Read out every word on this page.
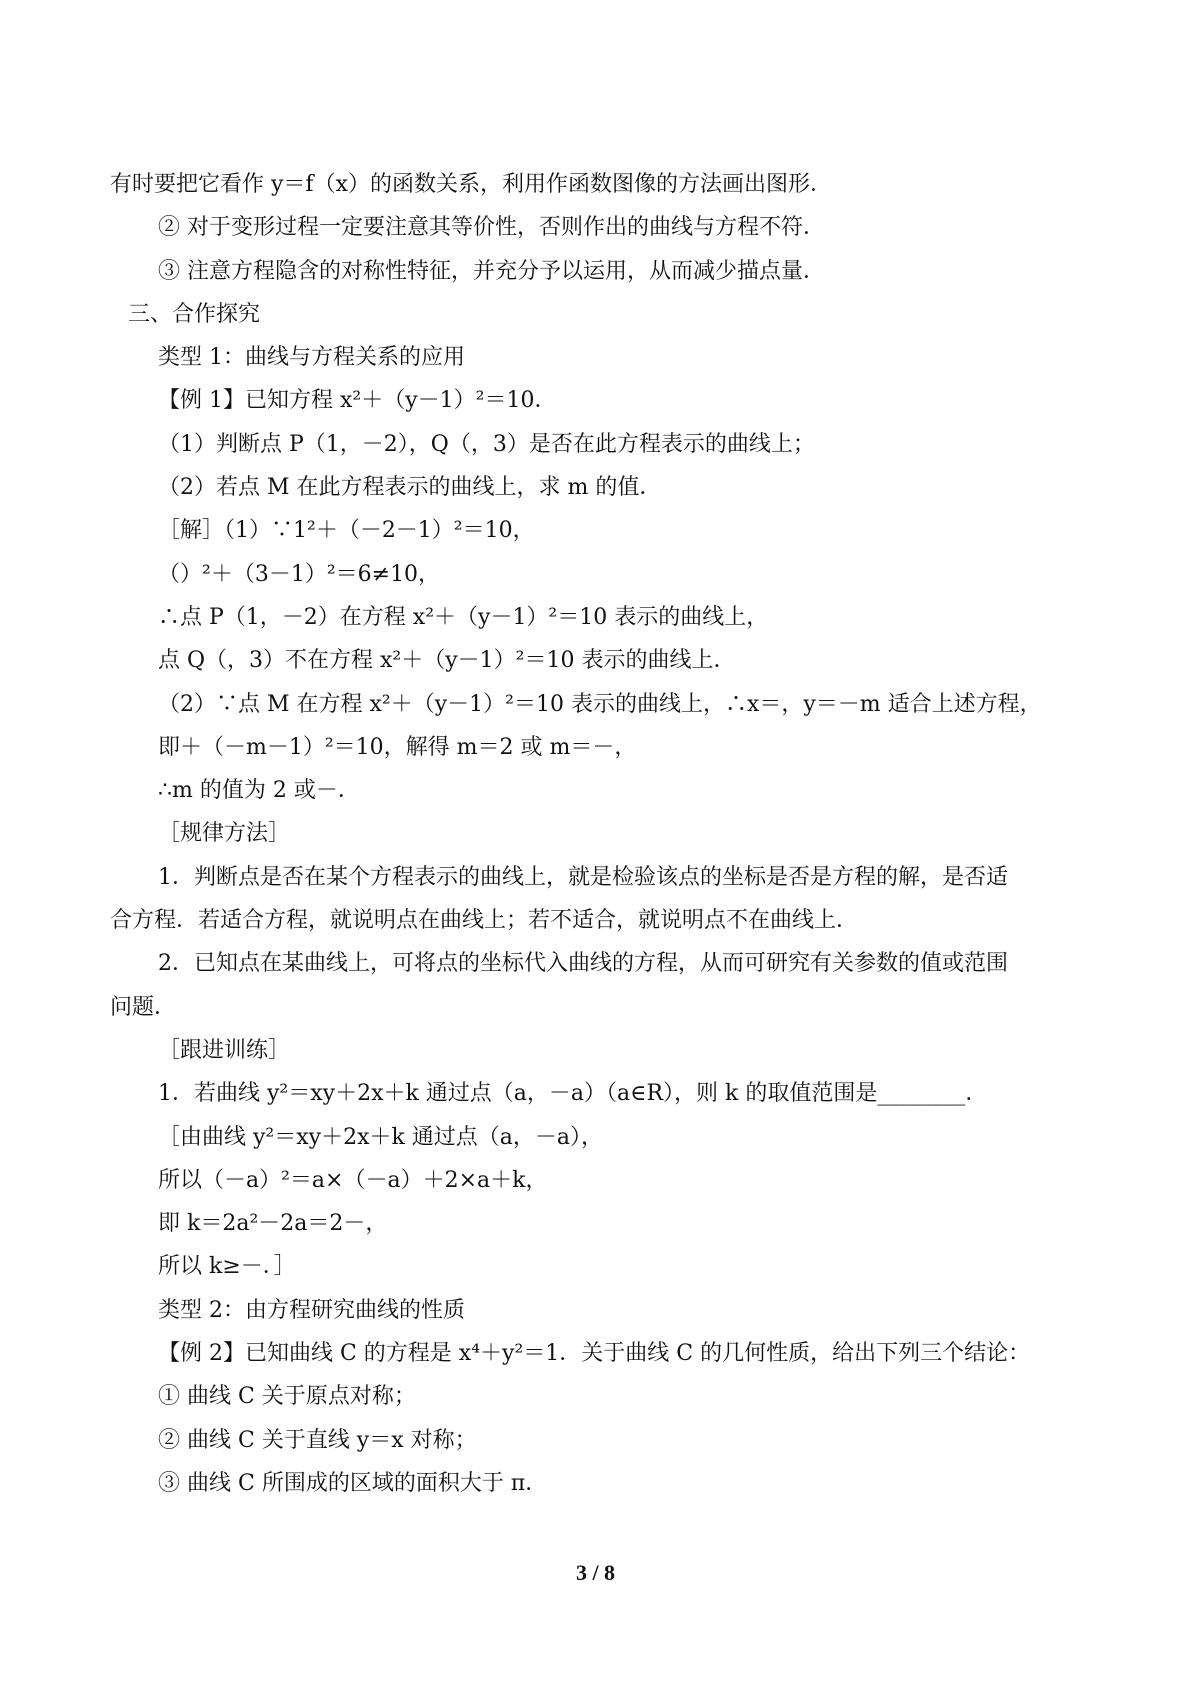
有时要把它看作 y＝f（x）的函数关系，利用作函数图像的方法画出图形．
② 对于变形过程一定要注意其等价性，否则作出的曲线与方程不符．
③ 注意方程隐含的对称性特征，并充分予以运用，从而减少描点量．
三、合作探究
类型 1：曲线与方程关系的应用
【例 1】已知方程 x²＋（y－1）²＝10．
（1）判断点 P（1，－2），Q（，3）是否在此方程表示的曲线上；
（2）若点 M 在此方程表示的曲线上，求 m 的值．
［解］（1）∵1²＋（－2－1）²＝10，
（）²＋（3－1）²＝6≠10，
∴点 P（1，－2）在方程 x²＋（y－1）²＝10 表示的曲线上，
点 Q（，3）不在方程 x²＋（y－1）²＝10 表示的曲线上．
（2）∵点 M 在方程 x²＋（y－1）²＝10 表示的曲线上，∴x＝，y＝－m 适合上述方程，
即＋（－m－1）²＝10，解得 m＝2 或 m＝－，
∴m 的值为 2 或－．
［规律方法］
1．判断点是否在某个方程表示的曲线上，就是检验该点的坐标是否是方程的解，是否适
合方程．若适合方程，就说明点在曲线上；若不适合，就说明点不在曲线上．
2．已知点在某曲线上，可将点的坐标代入曲线的方程，从而可研究有关参数的值或范围
问题．
［跟进训练］
1．若曲线 y²＝xy＋2x＋k 通过点（a，－a）（a∈R），则 k 的取值范围是________．
［由曲线 y²＝xy＋2x＋k 通过点（a，－a），
所以（－a）²＝a×（－a）＋2×a＋k，
即 k＝2a²－2a＝2－，
所以 k≥－．］
类型 2：由方程研究曲线的性质
【例 2】已知曲线 C 的方程是 x⁴＋y²＝1．关于曲线 C 的几何性质，给出下列三个结论：
① 曲线 C 关于原点对称；
② 曲线 C 关于直线 y＝x 对称；
③ 曲线 C 所围成的区域的面积大于 π．
3 / 8
